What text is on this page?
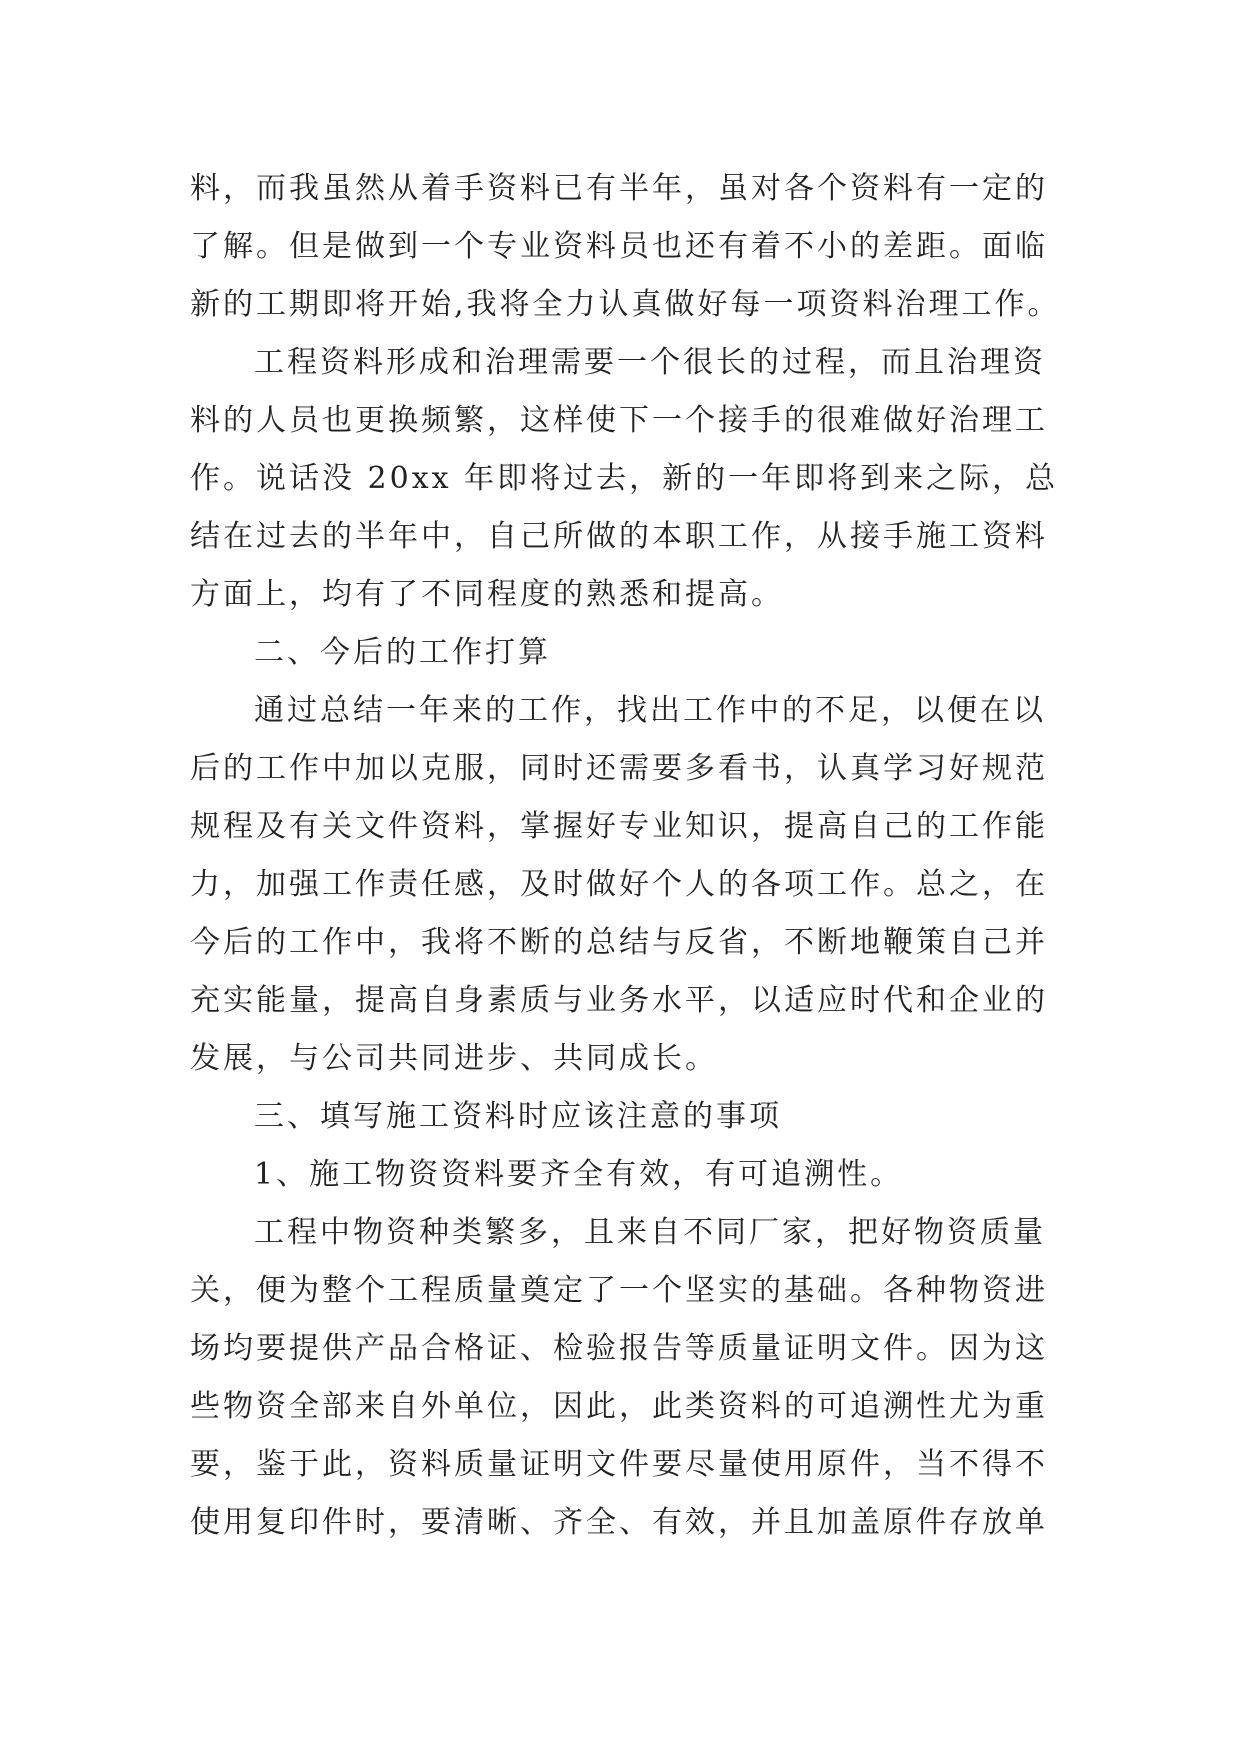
料，而我虽然从着手资料已有半年，虽对各个资料有一定的
了解。但是做到一个专业资料员也还有着不小的差距。面临
新的工期即将开始,我将全力认真做好每一项资料治理工作。
工程资料形成和治理需要一个很长的过程，而且治理资
料的人员也更换频繁，这样使下一个接手的很难做好治理工
作。说话没 20xx 年即将过去，新的一年即将到来之际，总
结在过去的半年中，自己所做的本职工作，从接手施工资料
方面上，均有了不同程度的熟悉和提高。
二、今后的工作打算
通过总结一年来的工作，找出工作中的不足，以便在以
后的工作中加以克服，同时还需要多看书，认真学习好规范
规程及有关文件资料，掌握好专业知识，提高自己的工作能
力，加强工作责任感，及时做好个人的各项工作。总之，在
今后的工作中，我将不断的总结与反省，不断地鞭策自己并
充实能量，提高自身素质与业务水平，以适应时代和企业的
发展，与公司共同进步、共同成长。
三、填写施工资料时应该注意的事项
1、施工物资资料要齐全有效，有可追溯性。
工程中物资种类繁多，且来自不同厂家，把好物资质量
关，便为整个工程质量奠定了一个坚实的基础。各种物资进
场均要提供产品合格证、检验报告等质量证明文件。因为这
些物资全部来自外单位，因此，此类资料的可追溯性尤为重
要，鉴于此，资料质量证明文件要尽量使用原件，当不得不
使用复印件时，要清晰、齐全、有效，并且加盖原件存放单
